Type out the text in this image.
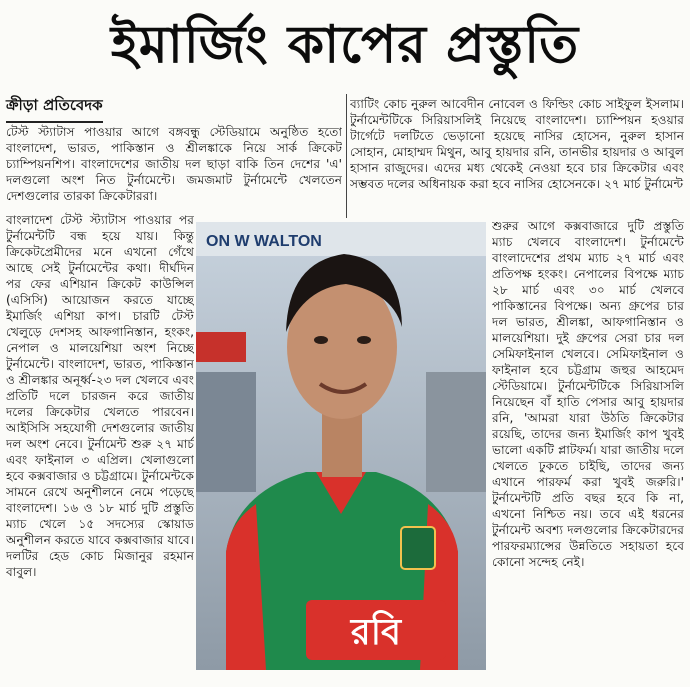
ইমার্জিং কাপের প্রস্তুতি
ক্রীড়া প্রতিবেদক
টেস্ট স্ট্যাটাস পাওয়ার আগে বঙ্গবন্ধু স্টেডিয়ামে অনুষ্ঠিত হতো বাংলাদেশ, ভারত, পাকিস্তান ও শ্রীলঙ্কাকে নিয়ে সার্ক ক্রিকেট চ্যাম্পিয়নশিপ। বাংলাদেশের জাতীয় দল ছাড়া বাকি তিন দেশের 'এ' দলগুলো অংশ নিত টুর্নামেন্টে। জমজমাট টুর্নামেন্টে খেলতেন দেশগুলোর তারকা ক্রিকেটাররা।
বাংলাদেশ টেস্ট স্ট্যাটাস পাওয়ার পর টুর্নামেন্টটি বন্ধ হয়ে যায়। কিন্তু ক্রিকেটপ্রেমীদের মনে এখনো গেঁথে আছে সেই টুর্নামেন্টের কথা। দীর্ঘদিন পর ফের এশিয়ান ক্রিকেট কাউন্সিল (এসিসি) আয়োজন করতে যাচ্ছে ইমার্জিং এশিয়া কাপ। চারটি টেস্ট খেলুড়ে দেশসহ আফগানিস্তান, হংকং, নেপাল ও মালয়েশিয়া অংশ নিচ্ছে টুর্নামেন্টে। বাংলাদেশ, ভারত, পাকিস্তান ও শ্রীলঙ্কার অনূর্ধ্ব-২৩ দল খেলবে এবং প্রতিটি দলে চারজন করে জাতীয় দলের ক্রিকেটার খেলতে পারবেন। আইসিসি সহযোগী দেশগুলোর জাতীয় দল অংশ নেবে। টুর্নামেন্ট শুরু ২৭ মার্চ এবং ফাইনাল ৩ এপ্রিল। খেলাগুলো হবে কক্সবাজার ও চট্টগ্রামে। টুর্নামেন্টকে সামনে রেখে অনুশীলনে নেমে পড়েছে বাংলাদেশ। ১৬ ও ১৮ মার্চ দুটি প্রস্তুতি ম্যাচ খেলে ১৫ সদস্যের স্কোয়াড অনুশীলন করতে যাবে কক্সবাজার যাবে। দলটির হেড কোচ মিজানুর রহমান বাবুল।
ব্যাটিং কোচ নুরুল আবেদীন নোবেল ও ফিল্ডিং কোচ সাইফুল ইসলাম। টুর্নামেন্টটিকে সিরিয়াসলিই নিয়েছে বাংলাদেশ। চ্যাম্পিয়ন হওয়ার টার্গেটে দলটিতে ভেড়ানো হয়েছে নাসির হোসেন, নুরুল হাসান সোহান, মোহাম্মদ মিথুন, আবু হায়দার রনি, তানভীর হায়দার ও আবুল হাসান রাজুদের। এদের মধ্য থেকেই নেওয়া হবে চার ক্রিকেটার এবং সম্ভবত দলের অধিনায়ক করা হবে নাসির হোসেনকে। ২৭ মার্চ টুর্নামেন্ট
শুরুর আগে কক্সবাজারে দুটি প্রস্তুতি ম্যাচ খেলবে বাংলাদেশ। টুর্নামেন্টে বাংলাদেশের প্রথম ম্যাচ ২৭ মার্চ এবং প্রতিপক্ষ হংকং। নেপালের বিপক্ষে ম্যাচ ২৮ মার্চ এবং ৩০ মার্চ খেলবে পাকিস্তানের বিপক্ষে। অন্য গ্রুপের চার দল ভারত, শ্রীলঙ্কা, আফগানিস্তান ও মালয়েশিয়া। দুই গ্রুপের সেরা চার দল সেমিফাইনাল খেলবে। সেমিফাইনাল ও ফাইনাল হবে চট্টগ্রাম জহুর আহমেদ স্টেডিয়ামে। টুর্নামেন্টটিকে সিরিয়াসলি নিয়েছেন বাঁ হাতি পেসার আবু হায়দার রনি, 'আমরা যারা উঠতি ক্রিকেটার রয়েছি, তাদের জন্য ইমার্জিং কাপ খুবই ভালো একটি প্লাটফর্ম। যারা জাতীয় দলে খেলতে ঢুকতে চাইছি, তাদের জন্য এখানে পারফর্ম করা খুবই জরুরি।' টুর্নামেন্টটি প্রতি বছর হবে কি না, এখনো নিশ্চিত নয়। তবে এই ধরনের টুর্নামেন্ট অবশ্য দলগুলোর ক্রিকেটারদের পারফরম্যান্সের উন্নতিতে সহায়তা হবে কোনো সন্দেহ নেই।
ON W WALTON
রবি
